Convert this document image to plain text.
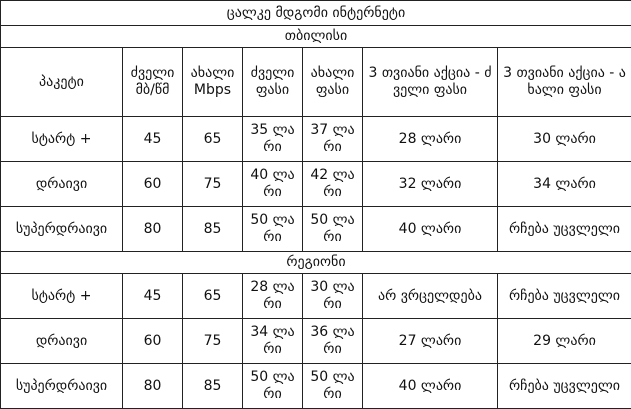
ცალკე მდგომი ინტერნეტი						
თბილისი						
პაკეტი	ძველი მბ/წმ	ახალი Mbps	ძველი ფასი	ახალი ფასი	3 თვიანი აქცია - ძველი ფასი	3 თვიანი აქცია - ახალი ფასი
სტარტ +	45	65	35 ლარი	37 ლარი	28 ლარი	30 ლარი
დრაივი	60	75	40 ლარი	42 ლარი	32 ლარი	34 ლარი
სუპერდრაივი	80	85	50 ლარი	50 ლარი	40 ლარი	რჩება უცვლელი
რეგიონი						
სტარტ +	45	65	28 ლარი	30 ლარი	არ ვრცელდება	რჩება უცვლელი
დრაივი	60	75	34 ლარი	36 ლარი	27 ლარი	29 ლარი
სუპერდრაივი	80	85	50 ლარი	50 ლარი	40 ლარი	რჩება უცვლელი
